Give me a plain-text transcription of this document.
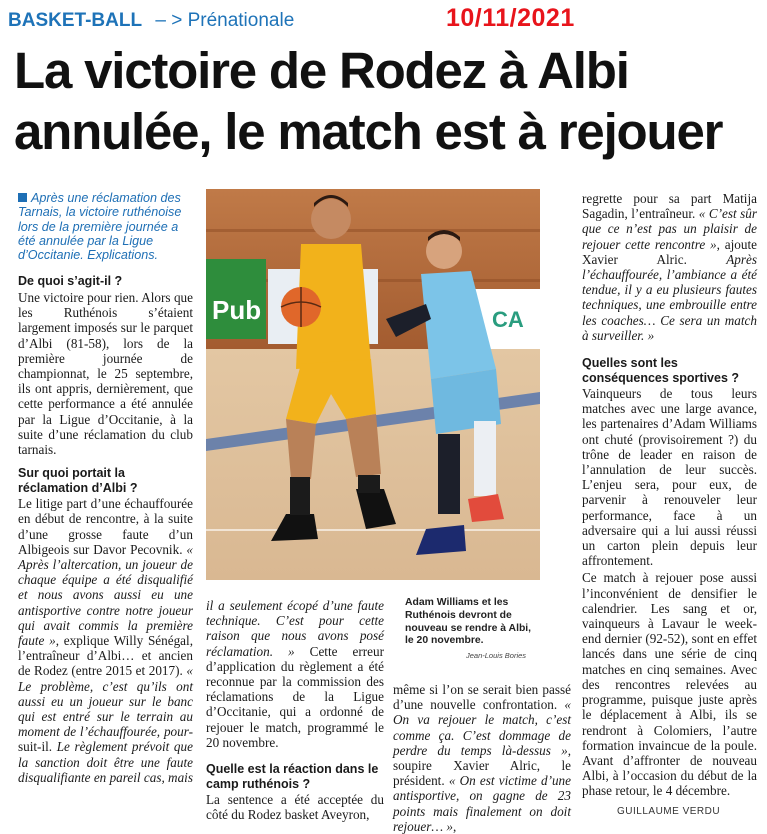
BASKET-BALL – > Prénationale	10/11/2021
La victoire de Rodez à Albi
annulée, le match est à rejouer

Après une réclamation des Tarnais, la victoire ruthénoise lors de la première journée a été annulée par la Ligue d’Occitanie. Explications.

De quoi s’agit-il ?

Une victoire pour rien. Alors que les Ruthénois s’étaient largement imposés sur le parquet d’Albi (81-58), lors de la première journée de championnat, le 25 septembre, ils ont appris, dernièrement, que cette performance a été annulée par la Ligue d’Occitanie, à la suite d’une réclamation du club tarnais.

Sur quoi portait la réclamation d’Albi ?

Le litige part d’une échauffourée en début de rencontre, à la suite d’une grosse faute d’un Albigeois sur Davor Pecovnik. « Après l’altercation, un joueur de chaque équipe a été disqualifié et nous avons aussi eu une antisportive contre notre joueur qui avait commis la première faute », explique Willy Sénégal, l’entraîneur d’Albi… et ancien de Rodez (entre 2015 et 2017). « Le problème, c’est qu’ils ont aussi eu un joueur sur le banc qui est entré sur le terrain au moment de l’échauffourée, pour-suit-il. Le règlement prévoit que la sanction doit être une faute disqualifiante en pareil cas, mais

Pub	CA
Adam Williams et les Ruthénois devront de nouveau se rendre à Albi, le 20 novembre.
Jean-Louis Bories

il a seulement écopé d’une faute technique. C’est pour cette raison que nous avons posé réclamation. » Cette erreur d’application du règlement a été reconnue par la commission des réclamations de la Ligue d’Occitanie, qui a ordonné de rejouer le match, programmé le 20 novembre.

Quelle est la réaction dans le camp ruthénois ?

La sentence a été acceptée du côté du Rodez basket Aveyron,

même si l’on se serait bien passé d’une nouvelle confrontation. « On va rejouer le match, c’est comme ça. C’est dommage de perdre du temps là-dessus », soupire Xavier Alric, le président. « On est victime d’une antisportive, on gagne de 23 points mais finalement on doit rejouer… »,

regrette pour sa part Matija Sagadin, l’entraîneur. « C’est sûr que ce n’est pas un plaisir de rejouer cette rencontre », ajoute Xavier Alric. Après l’échauffourée, l’ambiance a été tendue, il y a eu plusieurs fautes techniques, une embrouille entre les coaches… Ce sera un match à surveiller. »

Quelles sont les conséquences sportives ?

Vainqueurs de tous leurs matches avec une large avance, les partenaires d’Adam Williams ont chuté (provisoirement ?) du trône de leader en raison de l’annulation de leur succès. L’enjeu sera, pour eux, de parvenir à renouveler leur performance, face à un adversaire qui a lui aussi réussi un carton plein depuis leur affrontement.

Ce match à rejouer pose aussi l’inconvénient de densifier le calendrier. Les sang et or, vainqueurs à Lavaur le week-end dernier (92-52), sont en effet lancés dans une série de cinq matches en cinq semaines. Avec des rencontres relevées au programme, puisque juste après le déplacement à Albi, ils se rendront à Colomiers, l’autre formation invaincue de la poule. Avant d’affronter de nouveau Albi, à l’occasion du début de la phase retour, le 4 décembre.

GUILLAUME VERDU
